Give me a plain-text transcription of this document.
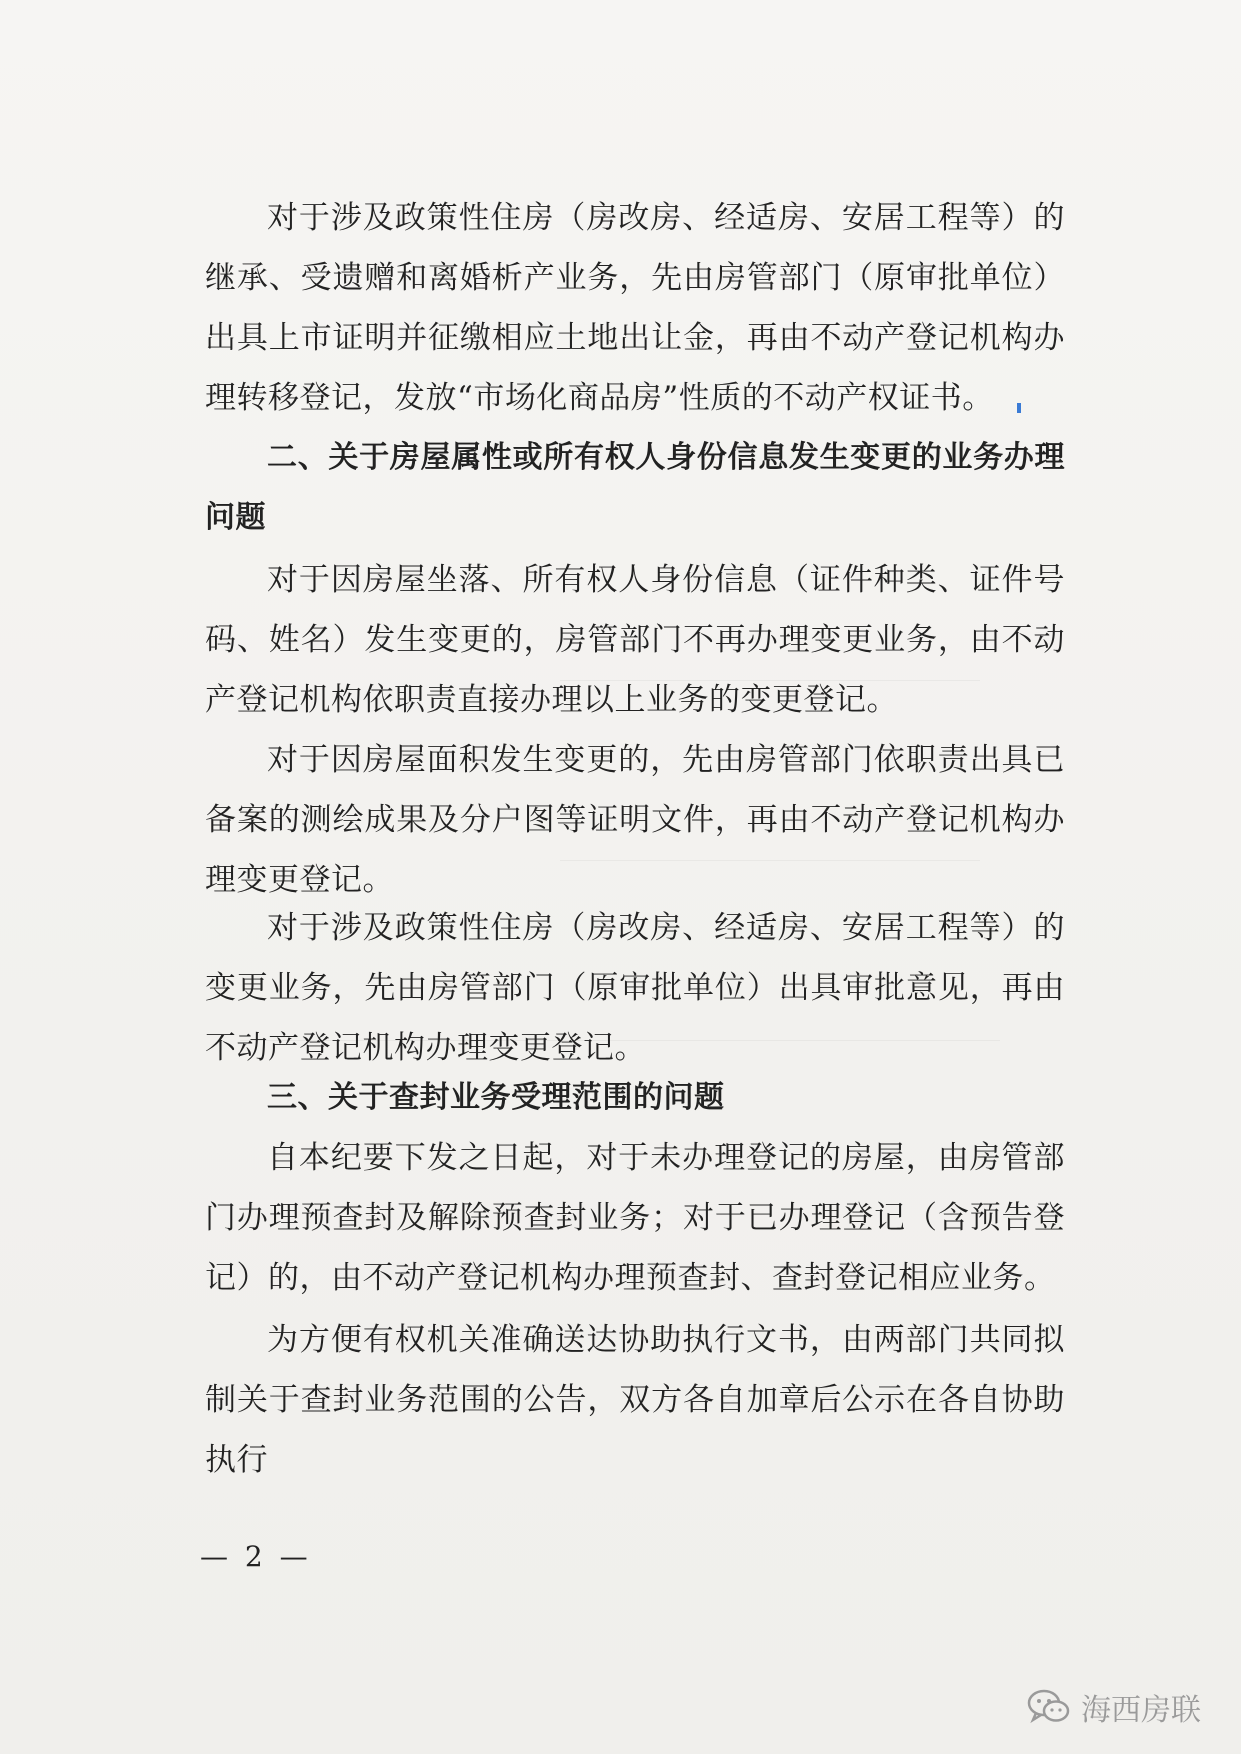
对于涉及政策性住房（房改房、经适房、安居工程等）的继承、受遗赠和离婚析产业务，先由房管部门（原审批单位）出具上市证明并征缴相应土地出让金，再由不动产登记机构办理转移登记，发放“市场化商品房”性质的不动产权证书。
二、关于房屋属性或所有权人身份信息发生变更的业务办理问题
对于因房屋坐落、所有权人身份信息（证件种类、证件号码、姓名）发生变更的，房管部门不再办理变更业务，由不动产登记机构依职责直接办理以上业务的变更登记。
对于因房屋面积发生变更的，先由房管部门依职责出具已备案的测绘成果及分户图等证明文件，再由不动产登记机构办理变更登记。
对于涉及政策性住房（房改房、经适房、安居工程等）的变更业务，先由房管部门（原审批单位）出具审批意见，再由不动产登记机构办理变更登记。
三、关于查封业务受理范围的问题
自本纪要下发之日起，对于未办理登记的房屋，由房管部门办理预查封及解除预查封业务；对于已办理登记（含预告登记）的，由不动产登记机构办理预查封、查封登记相应业务。
为方便有权机关准确送达协助执行文书，由两部门共同拟制关于查封业务范围的公告，双方各自加章后公示在各自协助执行
— 2 —
海西房联
